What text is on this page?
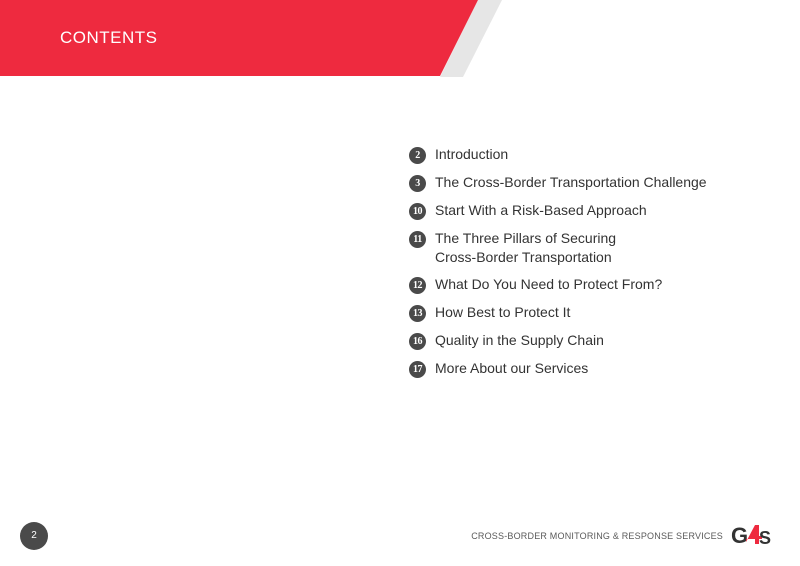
CONTENTS
2	Introduction
3	The Cross-Border Transportation Challenge
10 Start With a Risk-Based Approach
11 The Three Pillars of Securing
Cross-Border Transportation
12 What Do You Need to Protect From?
13 How Best to Protect It
16 Quality in the Supply Chain
17 More About our Services
2	CROSS-BORDER MONITORING & RESPONSE SERVICES G S
